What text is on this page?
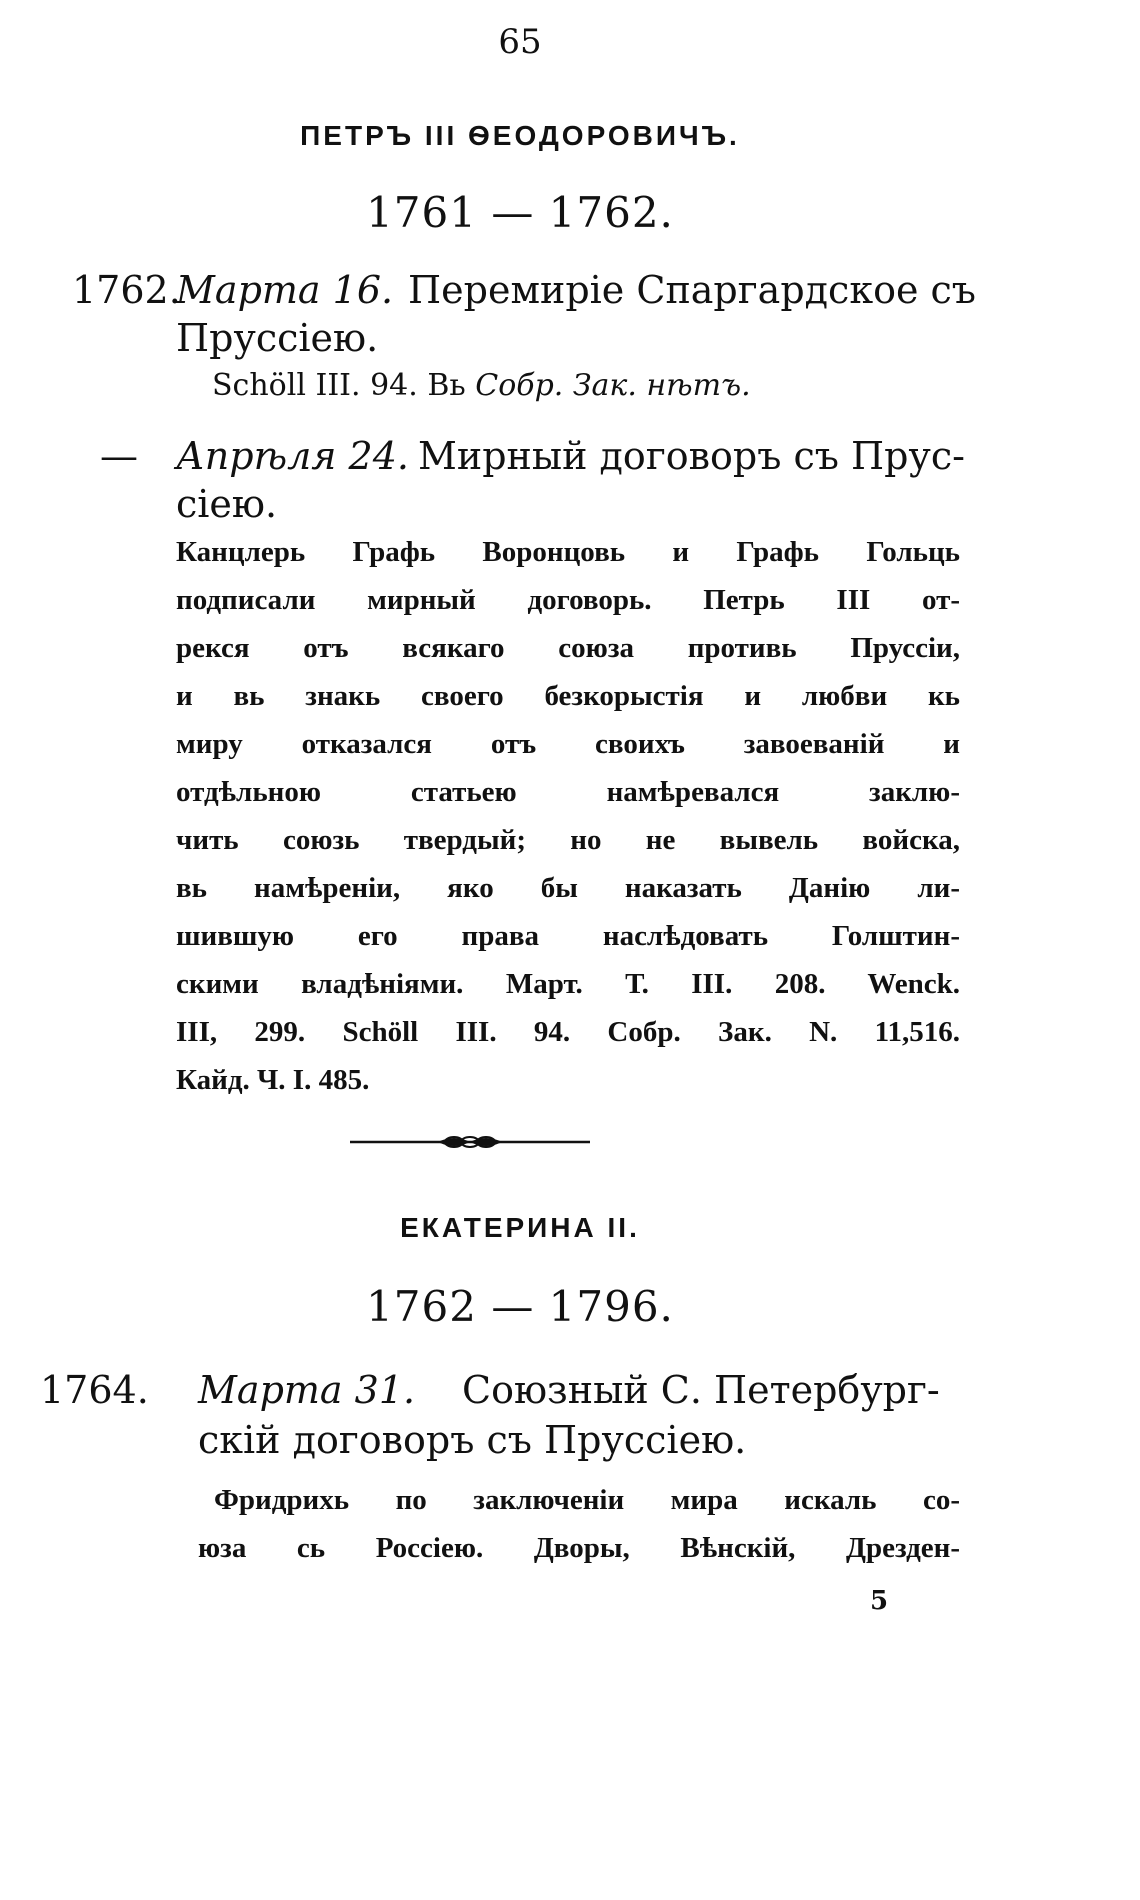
65
ПЕТРЪ III ѲЕОДОРОВИЧЪ.
1761 — 1762.
1762.
Марта 16. Перемиріе Спаргардское съ
Пруссіею.
Schöll III. 94. Вь Собр. Зак. нѣтъ.
— Апрѣля 24. Мирный договоръ съ Прус-
сіею.
Канцлерь Графь Воронцовь и Графь Гольць
подписали мирный договорь. Петрь III от-
рекся отъ всякаго союза противь Пруссіи,
и вь знакь своего безкорыстія и любви кь
миру отказался отъ своихъ завоеваній и
отдѣльною статьею намѣревался заклю-
чить союзь твердый; но не вывель войска,
вь намѣреніи, яко бы наказать Данію ли-
шившую его права наслѣдовать Голштин-
скими владѣніями. Март. Т. III. 208. Wenck.
III, 299. Schöll III. 94. Собр. Зак. N. 11,516.
Кайд. Ч. I. 485.
ЕКАТЕРИНА II.
1762 — 1796.
1764. Марта 31. Союзный С. Петербург-
скій договоръ съ Пруссіею.
Фридрихь по заключеніи мира искаль со-
юза сь Россіею. Дворы, Вѣнскій, Дрезден-
5
